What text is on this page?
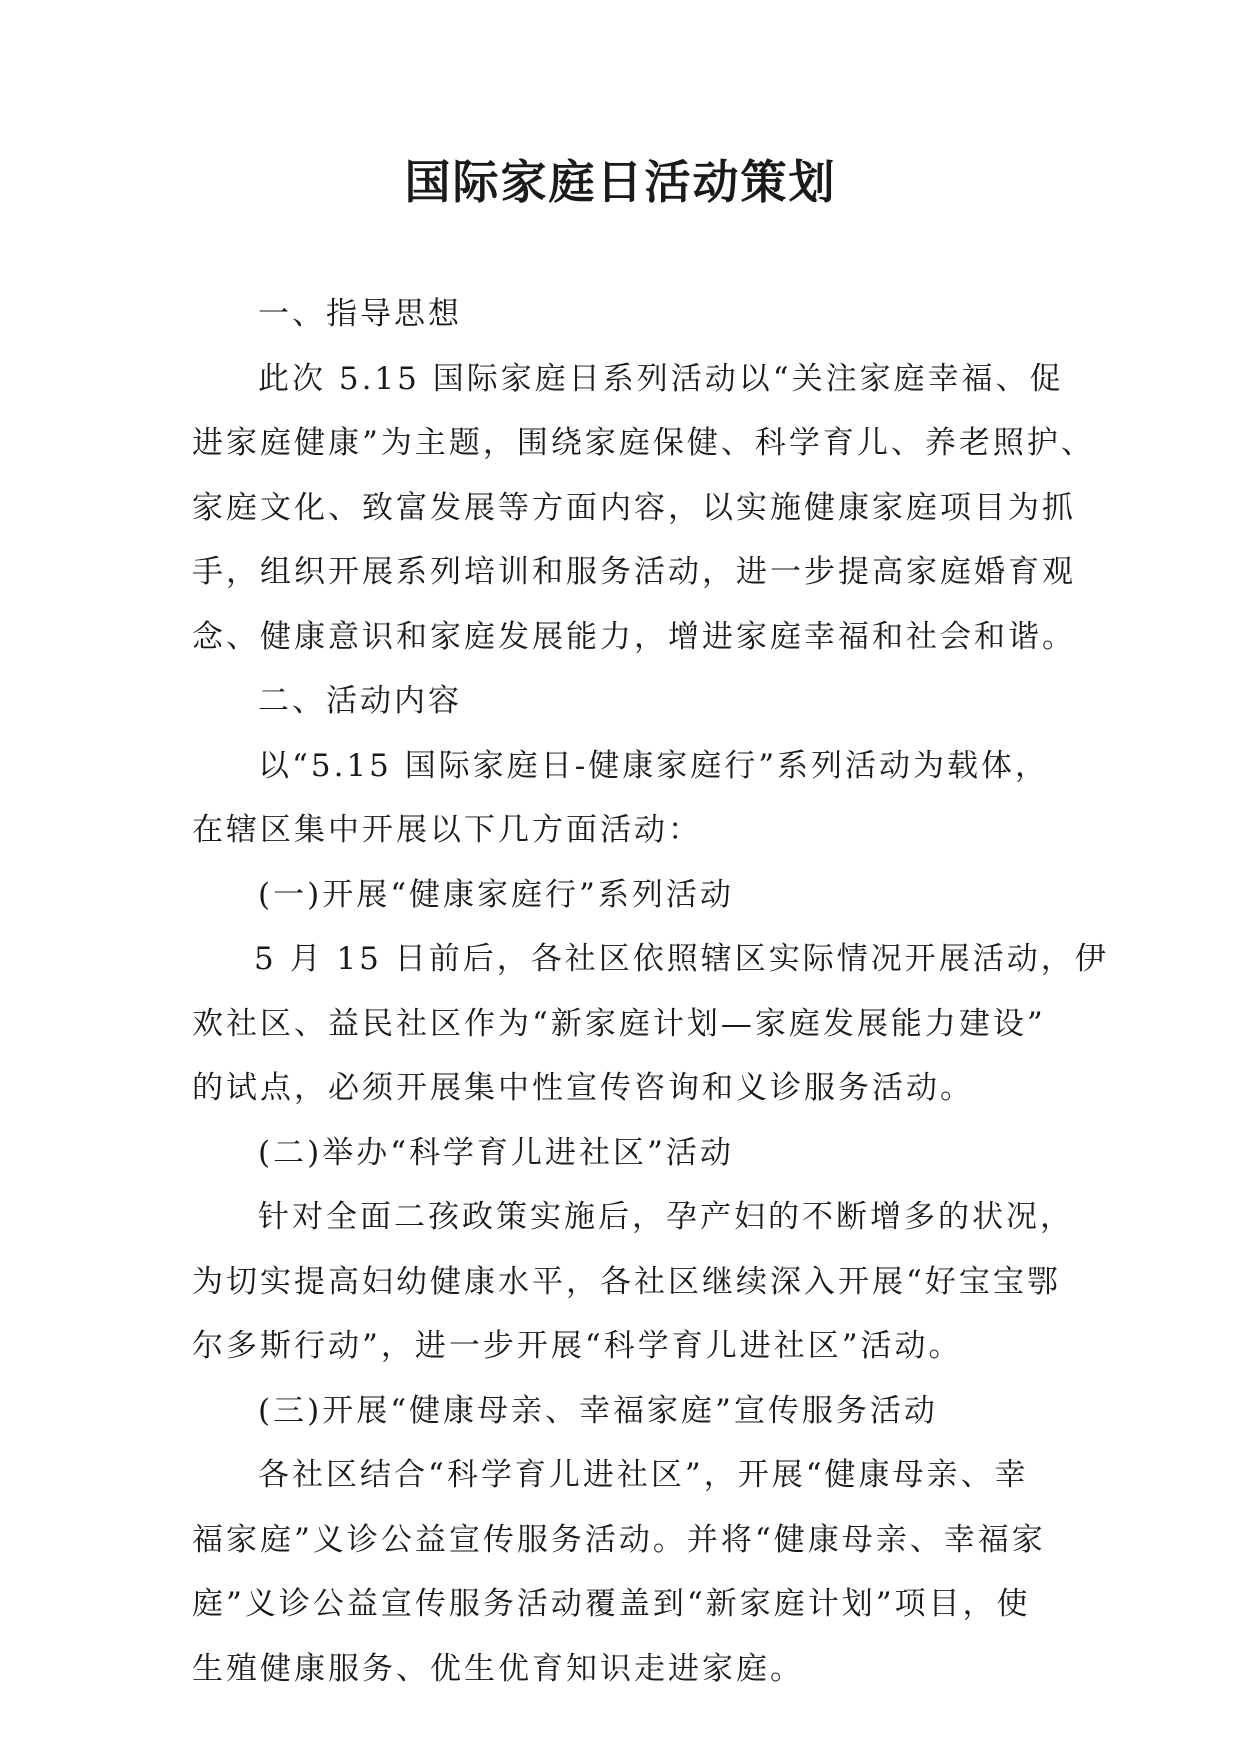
国际家庭日活动策划
一、指导思想
此次 5.15 国际家庭日系列活动以“关注家庭幸福、促
进家庭健康”为主题，围绕家庭保健、科学育儿、养老照护、
家庭文化、致富发展等方面内容，以实施健康家庭项目为抓
手，组织开展系列培训和服务活动，进一步提高家庭婚育观
念、健康意识和家庭发展能力，增进家庭幸福和社会和谐。
二、活动内容
以“5.15 国际家庭日-健康家庭行”系列活动为载体，
在辖区集中开展以下几方面活动：
(一)开展“健康家庭行”系列活动
5 月 15 日前后，各社区依照辖区实际情况开展活动，伊
欢社区、益民社区作为“新家庭计划—家庭发展能力建设”
的试点，必须开展集中性宣传咨询和义诊服务活动。
(二)举办“科学育儿进社区”活动
针对全面二孩政策实施后，孕产妇的不断增多的状况，
为切实提高妇幼健康水平，各社区继续深入开展“好宝宝鄂
尔多斯行动”，进一步开展“科学育儿进社区”活动。
(三)开展“健康母亲、幸福家庭”宣传服务活动
各社区结合“科学育儿进社区”，开展“健康母亲、幸
福家庭”义诊公益宣传服务活动。并将“健康母亲、幸福家
庭”义诊公益宣传服务活动覆盖到“新家庭计划”项目，使
生殖健康服务、优生优育知识走进家庭。
